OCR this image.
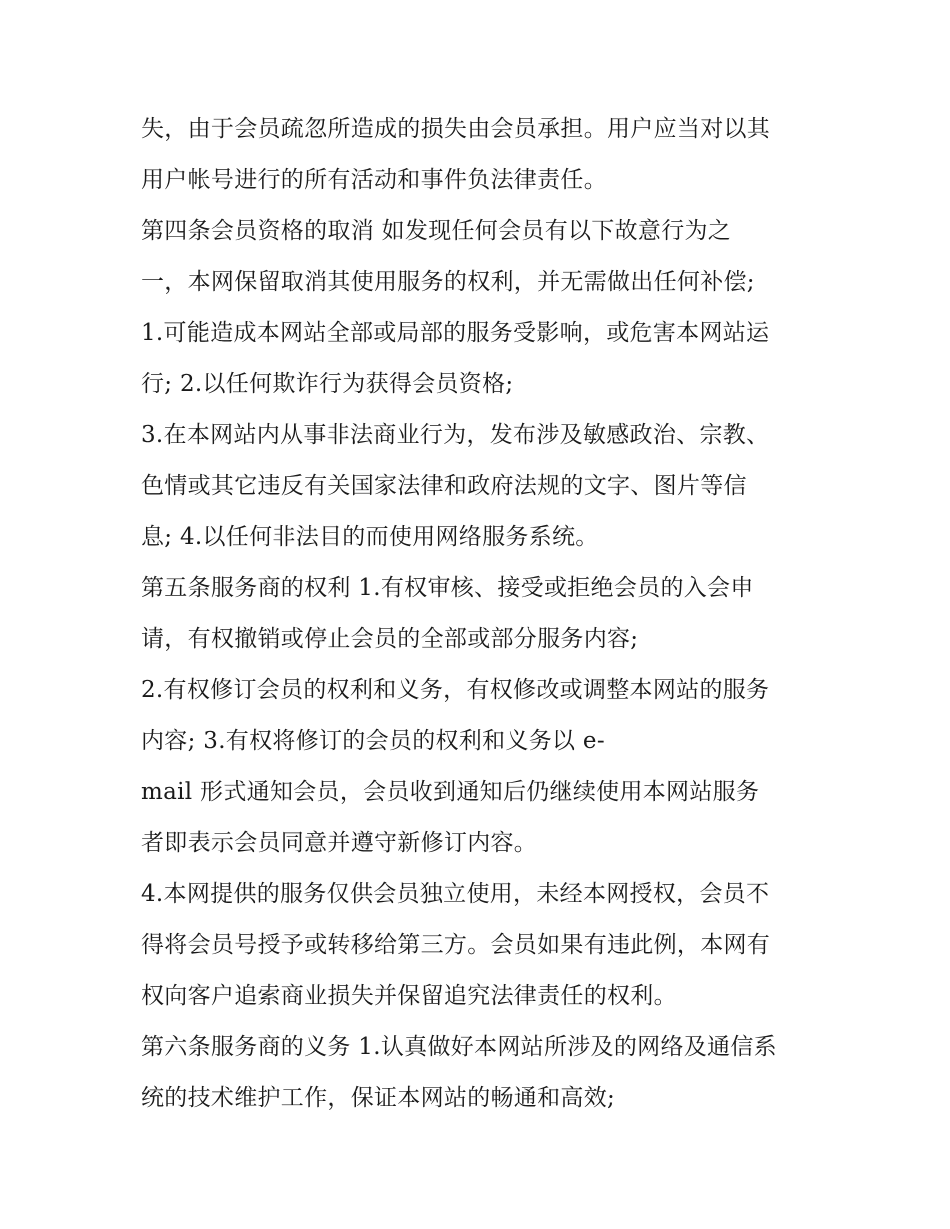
失，由于会员疏忽所造成的损失由会员承担。用户应当对以其
用户帐号进行的所有活动和事件负法律责任。
第四条会员资格的取消 如发现任何会员有以下故意行为之
一，本网保留取消其使用服务的权利，并无需做出任何补偿;
1.可能造成本网站全部或局部的服务受影响，或危害本网站运
行; 2.以任何欺诈行为获得会员资格;
3.在本网站内从事非法商业行为，发布涉及敏感政治、宗教、
色情或其它违反有关国家法律和政府法规的文字、图片等信
息; 4.以任何非法目的而使用网络服务系统。
第五条服务商的权利 1.有权审核、接受或拒绝会员的入会申
请，有权撤销或停止会员的全部或部分服务内容;
2.有权修订会员的权利和义务，有权修改或调整本网站的服务
内容; 3.有权将修订的会员的权利和义务以 e-
mail 形式通知会员，会员收到通知后仍继续使用本网站服务
者即表示会员同意并遵守新修订内容。
4.本网提供的服务仅供会员独立使用，未经本网授权，会员不
得将会员号授予或转移给第三方。会员如果有违此例，本网有
权向客户追索商业损失并保留追究法律责任的权利。
第六条服务商的义务 1.认真做好本网站所涉及的网络及通信系
统的技术维护工作，保证本网站的畅通和高效;
